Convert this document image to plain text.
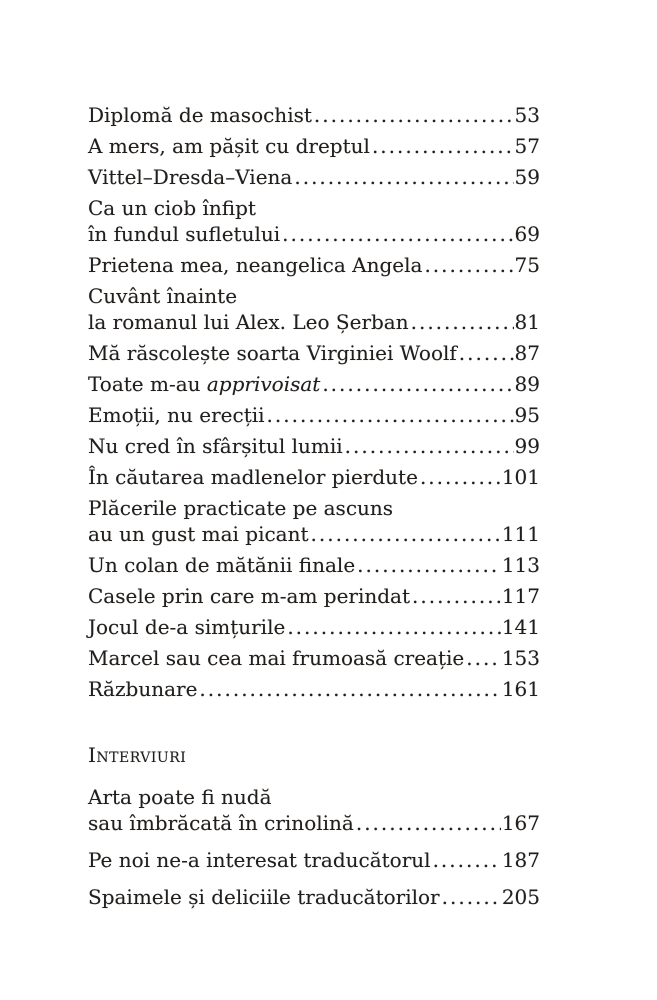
Diplomă de masochist .....	53
A mers, am pășit cu dreptul .....	57
Vittel–Dresda–Viena .....	59
Ca un ciob înfipt
în fundul sufletului .....	69
Prietena mea, neangelica Angela .....	75
Cuvânt înainte
la romanul lui Alex. Leo Șerban .....	81
Mă răscolește soarta Virginiei Woolf .....	87
Toate m-au apprivoisat .....	89
Emoții, nu erecții .....	95
Nu cred în sfârșitul lumii .....	99
În căutarea madlenelor pierdute .....	101
Plăcerile practicate pe ascuns
au un gust mai picant .....	111
Un colan de mătănii finale .....	113
Casele prin care m-am perindat .....	117
Jocul de-a simțurile .....	141
Marcel sau cea mai frumoasă creație ..... 153
Răzbunare .....	161
Interviuri
Arta poate fi nudă
sau îmbrăcată în crinolină .....	167
Pe noi ne-a interesat traducătorul .....	187
Spaimele și deliciile traducătorilor .....	205
